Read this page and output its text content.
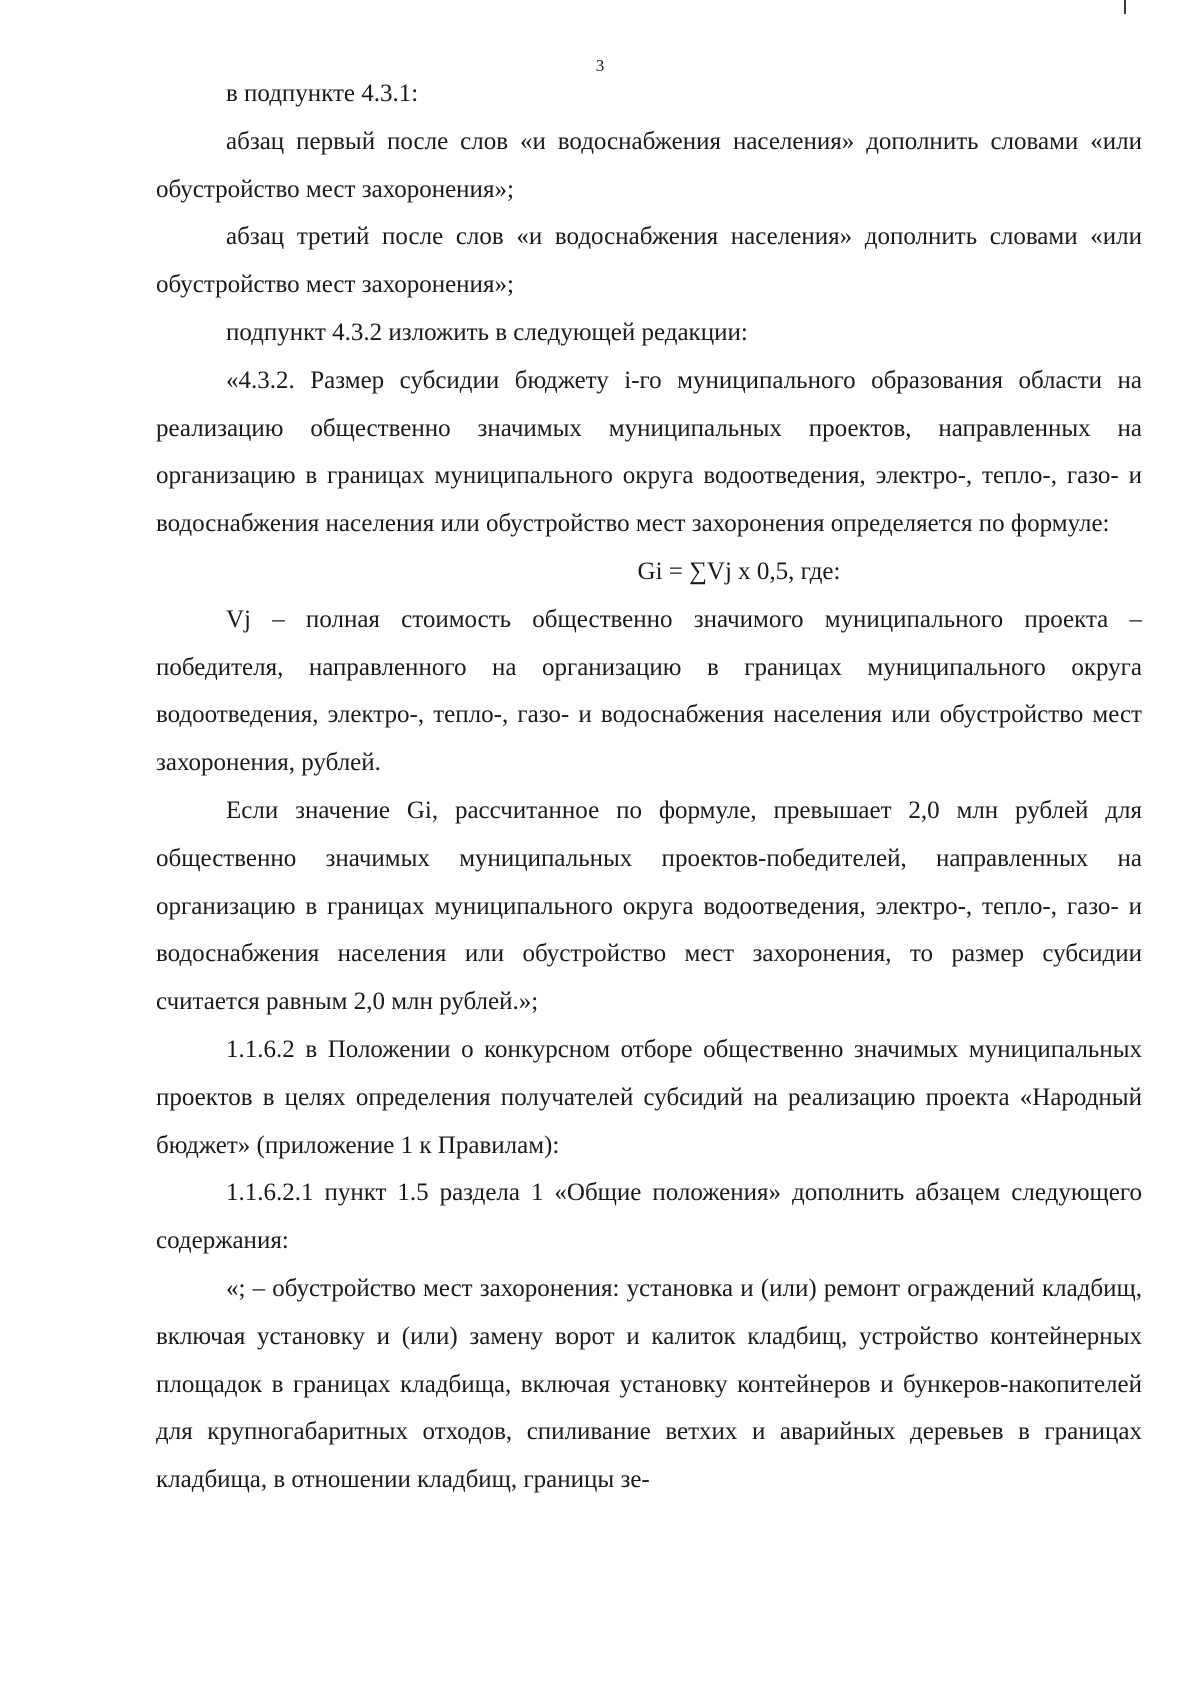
3

в подпункте 4.3.1:

абзац первый после слов «и водоснабжения населения» дополнить словами «или обустройство мест захоронения»;

абзац третий после слов «и водоснабжения населения» дополнить словами «или обустройство мест захоронения»;

подпункт 4.3.2 изложить в следующей редакции:

«4.3.2. Размер субсидии бюджету i-го муниципального образования области на реализацию общественно значимых муниципальных проектов, направленных на организацию в границах муниципального округа водоотведения, электро-, тепло-, газо- и водоснабжения населения или обустройство мест захоронения определяется по формуле:

Gi = ∑Vj x 0,5, где:

Vj – полная стоимость общественно значимого муниципального проекта – победителя, направленного на организацию в границах муниципального округа водоотведения, электро-, тепло-, газо- и водоснабжения населения или обустройство мест захоронения, рублей.

Если значение Gi, рассчитанное по формуле, превышает 2,0 млн рублей для общественно значимых муниципальных проектов-победителей, направленных на организацию в границах муниципального округа водоотведения, электро-, тепло-, газо- и водоснабжения населения или обустройство мест захоронения, то размер субсидии считается равным 2,0 млн рублей.»;

1.1.6.2 в Положении о конкурсном отборе общественно значимых муниципальных проектов в целях определения получателей субсидий на реализацию проекта «Народный бюджет» (приложение 1 к Правилам):

1.1.6.2.1 пункт 1.5 раздела 1 «Общие положения» дополнить абзацем следующего содержания:

«; – обустройство мест захоронения: установка и (или) ремонт ограждений кладбищ, включая установку и (или) замену ворот и калиток кладбищ, устройство контейнерных площадок в границах кладбища, включая установку контейнеров и бункеров-накопителей для крупногабаритных отходов, спиливание ветхих и аварийных деревьев в границах кладбища, в отношении кладбищ, границы зе-
